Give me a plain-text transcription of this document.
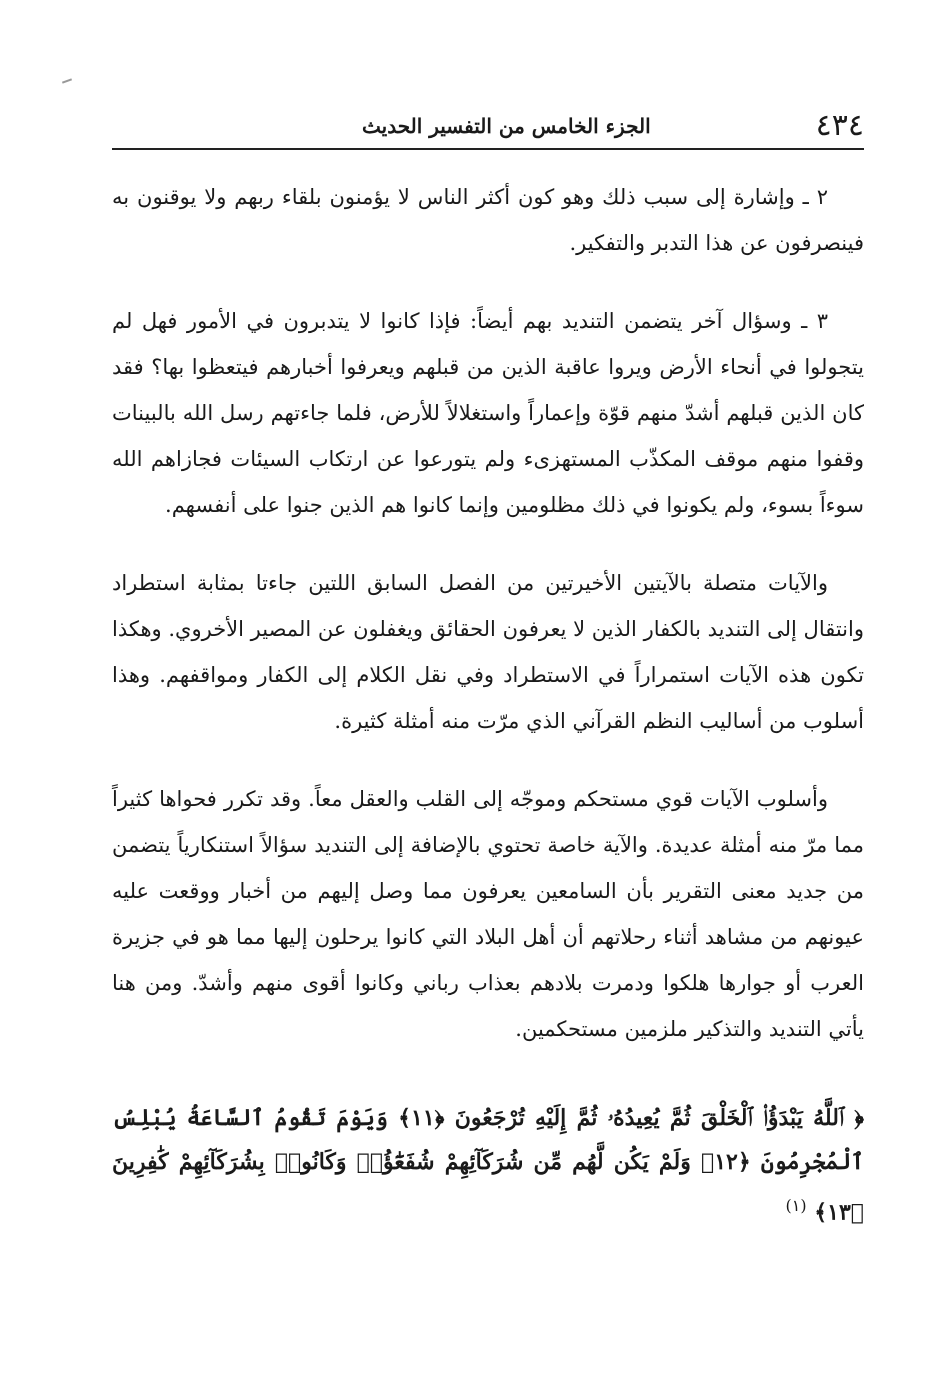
٤٣٤
الجزء الخامس من التفسير الحديث

٢ ـ وإشارة إلى سبب ذلك وهو كون أكثر الناس لا يؤمنون بلقاء ربهم ولا يوقنون به فينصرفون عن هذا التدبر والتفكير.

٣ ـ وسؤال آخر يتضمن التنديد بهم أيضاً: فإذا كانوا لا يتدبرون في الأمور فهل لم يتجولوا في أنحاء الأرض ويروا عاقبة الذين من قبلهم ويعرفوا أخبارهم فيتعظوا بها؟ فقد كان الذين قبلهم أشدّ منهم قوّة وإعماراً واستغلالاً للأرض، فلما جاءتهم رسل الله بالبينات وقفوا منهم موقف المكذّب المستهزىء ولم يتورعوا عن ارتكاب السيئات فجازاهم الله سوءاً بسوء، ولم يكونوا في ذلك مظلومين وإنما كانوا هم الذين جنوا على أنفسهم.

والآيات متصلة بالآيتين الأخيرتين من الفصل السابق اللتين جاءتا بمثابة استطراد وانتقال إلى التنديد بالكفار الذين لا يعرفون الحقائق ويغفلون عن المصير الأخروي. وهكذا تكون هذه الآيات استمراراً في الاستطراد وفي نقل الكلام إلى الكفار ومواقفهم. وهذا أسلوب من أساليب النظم القرآني الذي مرّت منه أمثلة كثيرة.

وأسلوب الآيات قوي مستحكم وموجّه إلى القلب والعقل معاً. وقد تكرر فحواها كثيراً مما مرّ منه أمثلة عديدة. والآية خاصة تحتوي بالإضافة إلى التنديد سؤالاً استنكارياً يتضمن من جديد معنى التقرير بأن السامعين يعرفون مما وصل إليهم من أخبار ووقعت عليه عيونهم من مشاهد أثناء رحلاتهم أن أهل البلاد التي كانوا يرحلون إليها مما هو في جزيرة العرب أو جوارها هلكوا ودمرت بلادهم بعذاب رباني وكانوا أقوى منهم وأشدّ. ومن هنا يأتي التنديد والتذكير ملزمين مستحكمين.

﴿ ٱللَّهُ يَبْدَؤُا۟ ٱلْخَلْقَ ثُمَّ يُعِيدُهُۥ ثُمَّ إِلَيْهِ تُرْجَعُونَ ﴿١١﴾ وَيَوْمَ تَقُومُ ٱلسَّاعَةُ يُبْلِسُ ٱلْمُجْرِمُونَ ﴿١٢﴾ وَلَمْ يَكُن لَّهُم مِّن شُرَكَآئِهِمْ شُفَعَٰٓؤُا۟ وَكَانُوا۟ بِشُرَكَآئِهِمْ كَٰفِرِينَ ﴿١٣﴾ $^{(١)}$
